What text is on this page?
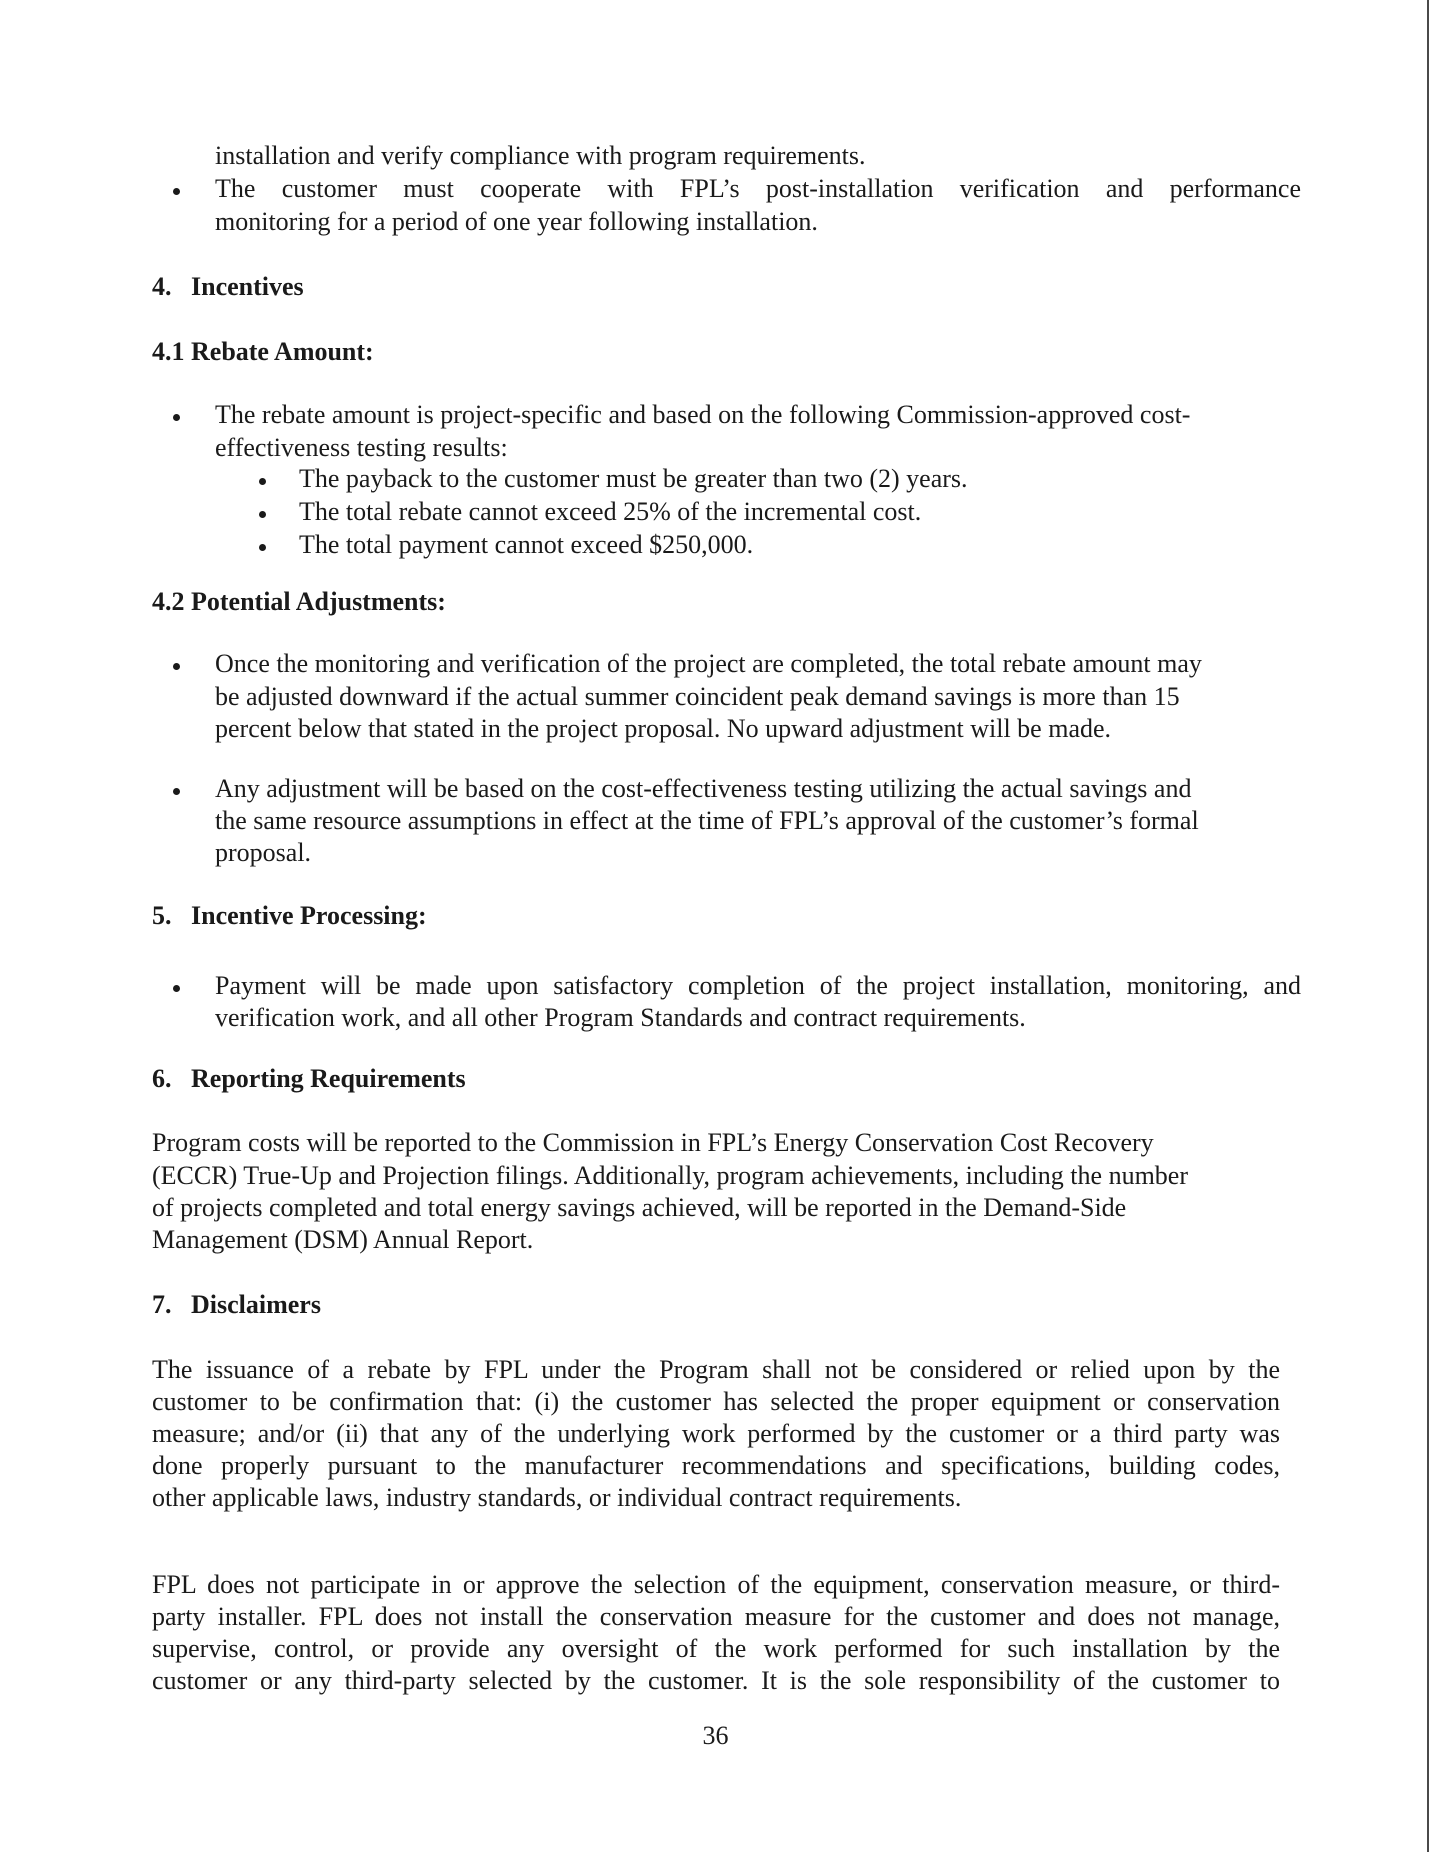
installation and verify compliance with program requirements.
The customer must cooperate with FPL’s post-installation verification and performance
monitoring for a period of one year following installation.
4.   Incentives
4.1 Rebate Amount:
The rebate amount is project-specific and based on the following Commission-approved cost-
effectiveness testing results:
The payback to the customer must be greater than two (2) years.
The total rebate cannot exceed 25% of the incremental cost.
The total payment cannot exceed $250,000.
4.2 Potential Adjustments:
Once the monitoring and verification of the project are completed, the total rebate amount may
be adjusted downward if the actual summer coincident peak demand savings is more than 15
percent below that stated in the project proposal. No upward adjustment will be made.
Any adjustment will be based on the cost-effectiveness testing utilizing the actual savings and
the same resource assumptions in effect at the time of FPL’s approval of the customer’s formal
proposal.
5.   Incentive Processing:
Payment will be made upon satisfactory completion of the project installation, monitoring, and
verification work, and all other Program Standards and contract requirements.
6.   Reporting Requirements
Program costs will be reported to the Commission in FPL’s Energy Conservation Cost Recovery
(ECCR) True-Up and Projection filings. Additionally, program achievements, including the number
of projects completed and total energy savings achieved, will be reported in the Demand-Side
Management (DSM) Annual Report.
7.   Disclaimers
The issuance of a rebate by FPL under the Program shall not be considered or relied upon by the
customer to be confirmation that: (i) the customer has selected the proper equipment or conservation
measure; and/or (ii) that any of the underlying work performed by the customer or a third party was
done properly pursuant to the manufacturer recommendations and specifications, building codes,
other applicable laws, industry standards, or individual contract requirements.
FPL does not participate in or approve the selection of the equipment, conservation measure, or third-
party installer. FPL does not install the conservation measure for the customer and does not manage,
supervise, control, or provide any oversight of the work performed for such installation by the
customer or any third-party selected by the customer. It is the sole responsibility of the customer to
36
